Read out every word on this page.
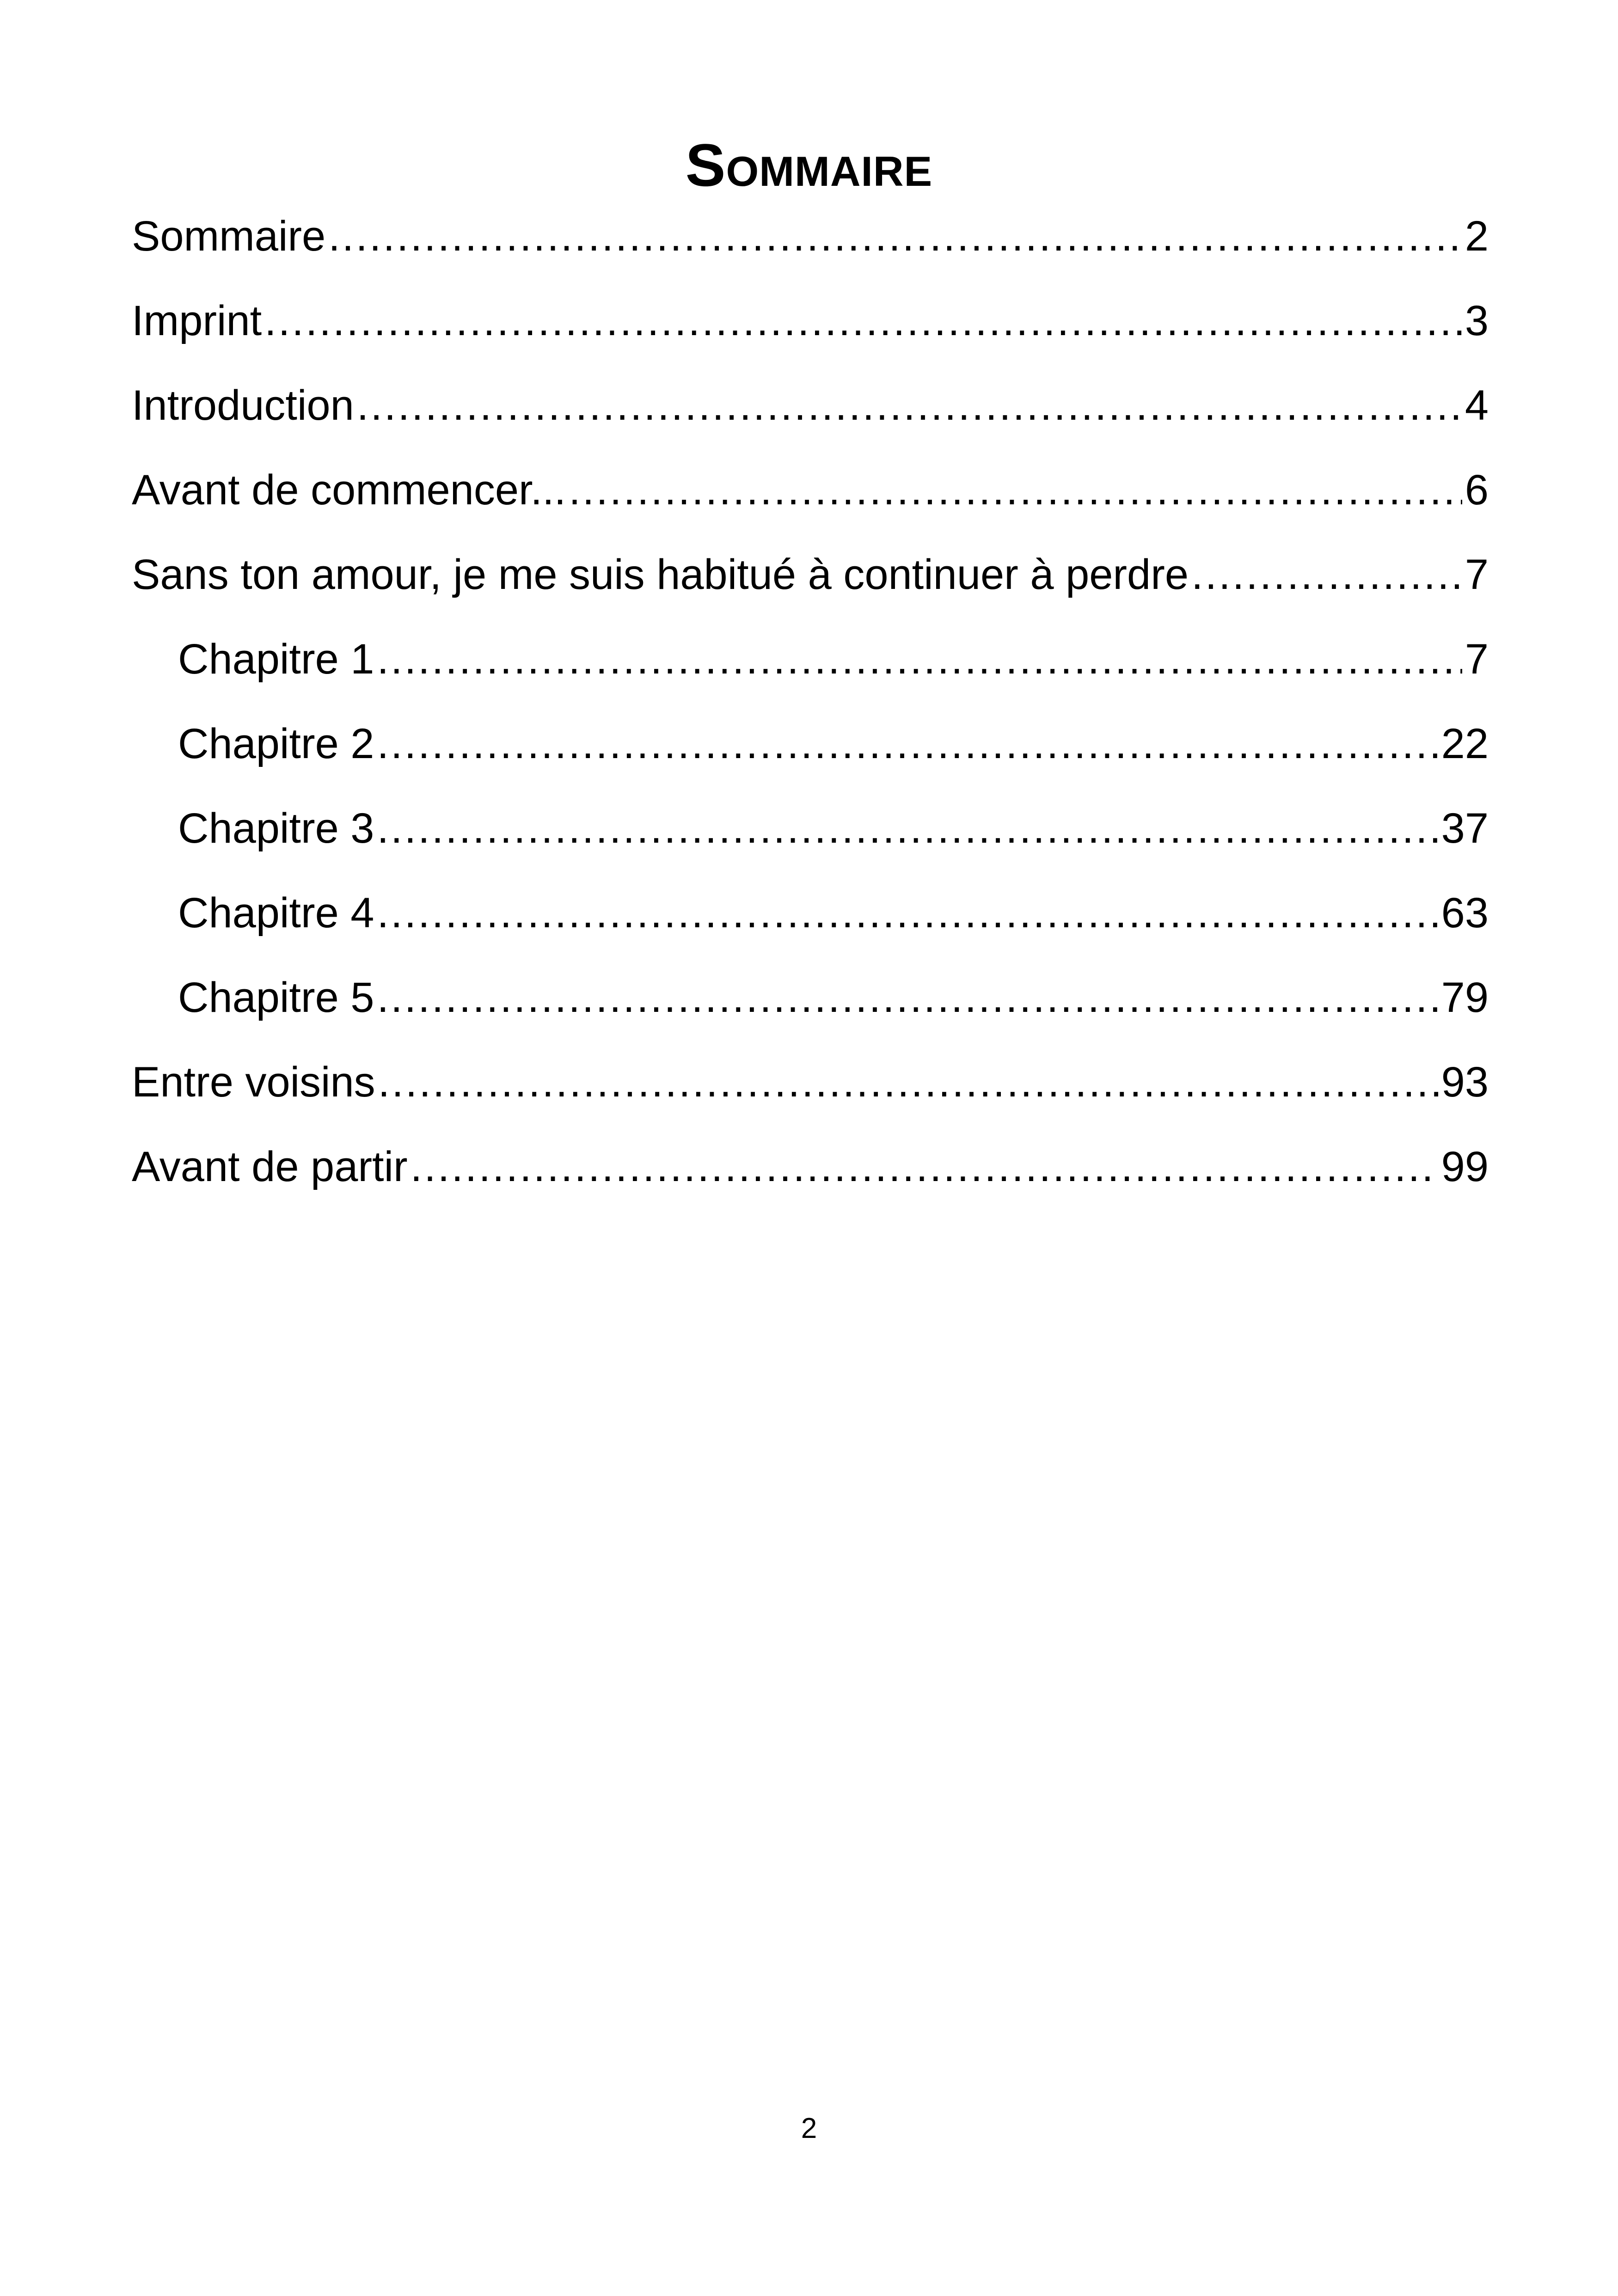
Sommaire
Sommaire .....	2
Imprint .....	3
Introduction .....	4
Avant de commencer... .....	6
Sans ton amour, je me suis habitué à continuer à perdre .....	7
Chapitre 1 .....	7
Chapitre 2 .....	22
Chapitre 3 .....	37
Chapitre 4 .....	63
Chapitre 5 .....	79
Entre voisins .....	93
Avant de partir .....	99
2
